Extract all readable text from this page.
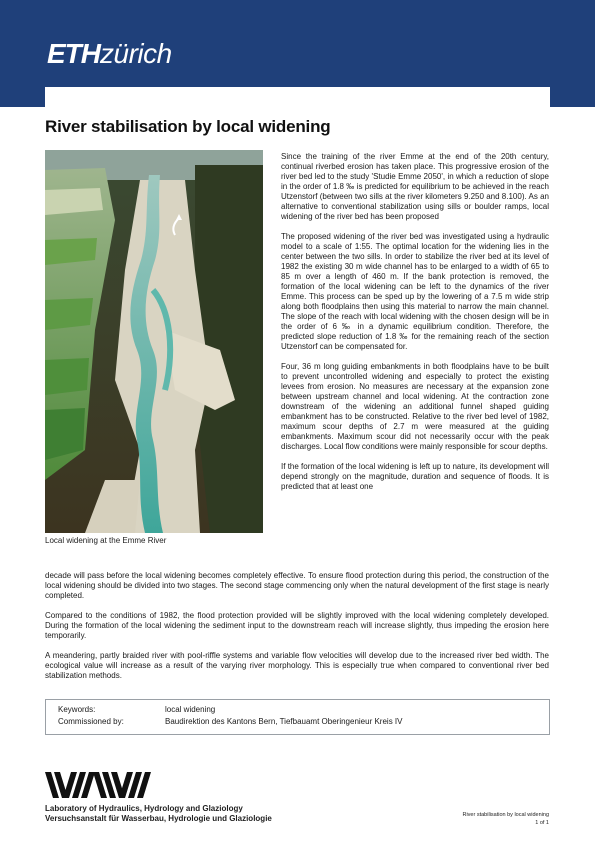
ETHzürich
River stabilisation by local widening
Local widening at the Emme River

Since the training of the river Emme at the end of the 20th century, continual riverbed erosion has taken place. This progressive erosion of the river bed led to the study 'Studie Emme 2050', in which a reduction of slope in the order of 1.8 ‰ is predicted for equilibrium to be achieved in the reach Utzenstorf (between two sills at the river kilometers 9.250 and 8.100). As an alternative to conventional stabilization using sills or boulder ramps, local widening of the river bed has been proposed

The proposed widening of the river bed was investigated using a hydraulic model to a scale of 1:55. The optimal location for the widening lies in the center between the two sills. In order to stabilize the river bed at its level of 1982 the existing 30 m wide channel has to be enlarged to a width of 65 to 85 m over a length of 460 m. If the bank protection is removed, the formation of the local widening can be left to the dynamics of the river Emme. This process can be sped up by the lowering of a 7.5 m wide strip along both floodplains then using this material to narrow the main channel. The slope of the reach with local widening with the chosen design will be in the order of 6 ‰ in a dynamic equilibrium condition. Therefore, the predicted slope reduction of 1.8 ‰ for the remaining reach of the section Utzenstorf can be compensated for.

Four, 36 m long guiding embankments in both floodplains have to be built to prevent uncontrolled widening and especially to protect the existing levees from erosion. No measures are necessary at the expansion zone between upstream channel and local widening. At the contraction zone downstream of the widening an additional funnel shaped guiding embankment has to be constructed. Relative to the river bed level of 1982, maximum scour depths of 2.7 m were measured at the guiding embankments. Maximum scour did not necessarily occur with the peak discharges. Local flow conditions were mainly responsible for scour depths.

If the formation of the local widening is left up to nature, its development will depend strongly on the magnitude, duration and sequence of floods. It is predicted that at least one

decade will pass before the local widening becomes completely effective. To ensure flood protection during this period, the construction of the local widening should be divided into two stages. The second stage commencing only when the natural development of the first stage is nearly completed.

Compared to the conditions of 1982, the flood protection provided will be slightly improved with the local widening completely developed. During the formation of the local widening the sediment input to the downstream reach will increase slightly, thus impeding the erosion here temporarily.

A meandering, partly braided river with pool-riffle systems and variable flow velocities will develop due to the increased river bed width. The ecological value will increase as a result of the varying river morphology. This is especially true when compared to conventional river bed stabilization methods.

Keywords:	local widening
Commissioned by:	Baudirektion des Kantons Bern, Tiefbauamt Oberingenieur Kreis IV
Laboratory of Hydraulics, Hydrology and Glaziology
Versuchsanstalt für Wasserbau, Hydrologie und Glaziologie	River stabilisation by local widening
1 of 1
